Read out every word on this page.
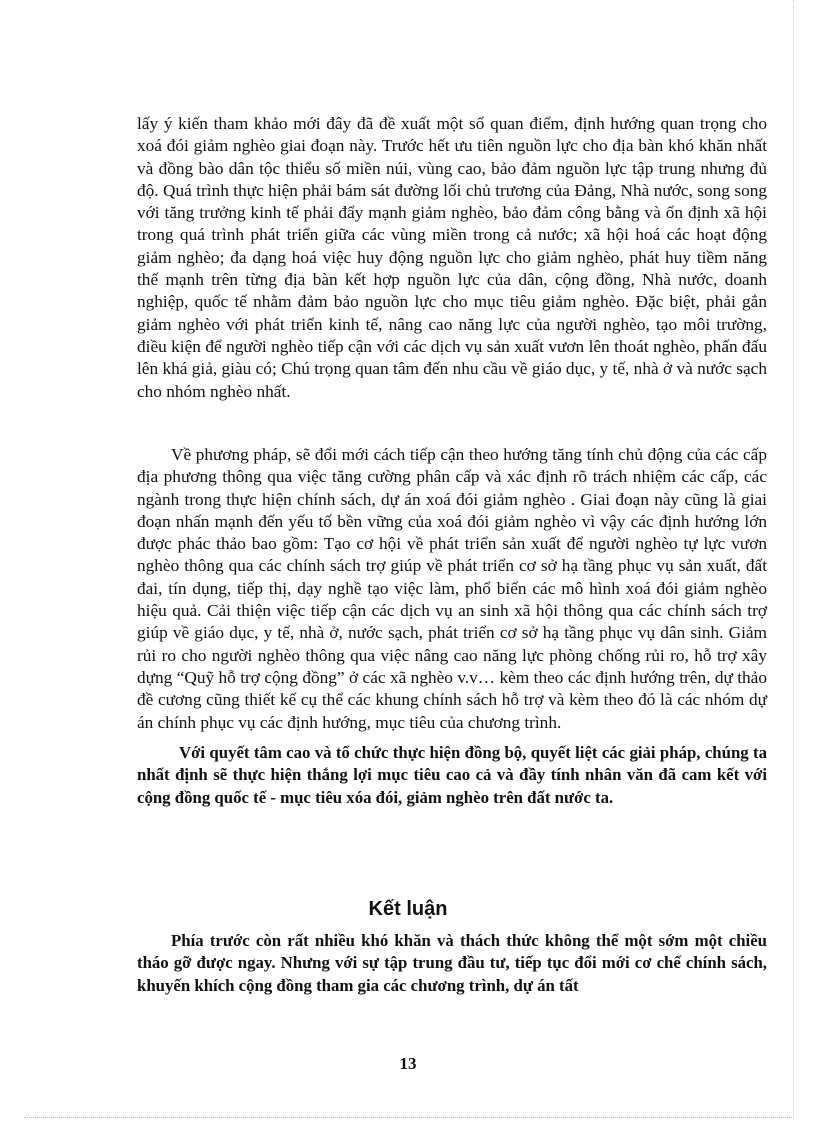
lấy ý kiến tham khảo mới đây đã đề xuất một số quan điểm, định hướng quan trọng cho xoá đói giảm nghèo giai đoạn này. Trước hết ưu tiên nguồn lực cho địa bàn khó khăn nhất và đồng bào dân tộc thiểu số miền núi, vùng cao, bảo đảm nguồn lực tập trung nhưng đủ độ. Quá trình thực hiện phải bám sát đường lối chủ trương của Đảng, Nhà nước, song song với tăng trưởng kinh tế phải đẩy mạnh giảm nghèo, bảo đảm công bằng và ổn định xã hội trong quá trình phát triển giữa các vùng miền trong cả nước; xã hội hoá các hoạt động giảm nghèo; đa dạng hoá việc huy động nguồn lực cho giảm nghèo, phát huy tiềm năng thế mạnh trên từng địa bàn kết hợp nguồn lực của dân, cộng đồng, Nhà nước, doanh nghiệp, quốc tế nhằm đảm bảo nguồn lực cho mục tiêu giảm nghèo. Đặc biệt, phải gắn giảm nghèo với phát triển kinh tế, nâng cao năng lực của người nghèo, tạo môi trường, điều kiện để người nghèo tiếp cận với các dịch vụ sản xuất vươn lên thoát nghèo, phấn đấu lên khá giả, giàu có; Chú trọng quan tâm đến nhu cầu về giáo dục, y tế, nhà ở và nước sạch cho nhóm nghèo nhất.

Về phương pháp, sẽ đổi mới cách tiếp cận theo hướng tăng tính chủ động của các cấp địa phương thông qua việc tăng cường phân cấp và xác định rõ trách nhiệm các cấp, các ngành trong thực hiện chính sách, dự án xoá đói giảm nghèo . Giai đoạn này cũng là giai đoạn nhấn mạnh đến yếu tố bền vững của xoá đói giảm nghèo vì vậy các định hướng lớn được phác thảo bao gồm: Tạo cơ hội về phát triển sản xuất để người nghèo tự lực vươn nghèo thông qua các chính sách trợ giúp về phát triển cơ sở hạ tầng phục vụ sản xuất, đất đai, tín dụng, tiếp thị, dạy nghề tạo việc làm, phổ biến các mô hình xoá đói giảm nghèo hiệu quả. Cải thiện việc tiếp cận các dịch vụ an sinh xã hội thông qua các chính sách trợ giúp về giáo dục, y tế, nhà ở, nước sạch, phát triển cơ sở hạ tầng phục vụ dân sinh. Giảm rủi ro cho người nghèo thông qua việc nâng cao năng lực phòng chống rủi ro, hỗ trợ xây dựng “Quỹ hỗ trợ cộng đồng” ở các xã nghèo v.v… kèm theo các định hướng trên, dự thảo đề cương cũng thiết kế cụ thể các khung chính sách hỗ trợ và kèm theo đó là các nhóm dự án chính phục vụ các định hướng, mục tiêu của chương trình.

Với quyết tâm cao và tổ chức thực hiện đồng bộ, quyết liệt các giải pháp, chúng ta nhất định sẽ thực hiện thắng lợi mục tiêu cao cả và đầy tính nhân văn đã cam kết với cộng đồng quốc tế - mục tiêu xóa đói, giảm nghèo trên đất nước ta.

Kết luận

Phía trước còn rất nhiều khó khăn và thách thức không thể một sớm một chiều tháo gỡ được ngay. Nhưng với sự tập trung đầu tư, tiếp tục đổi mới cơ chế chính sách, khuyến khích cộng đồng tham gia các chương trình, dự án tất

13
